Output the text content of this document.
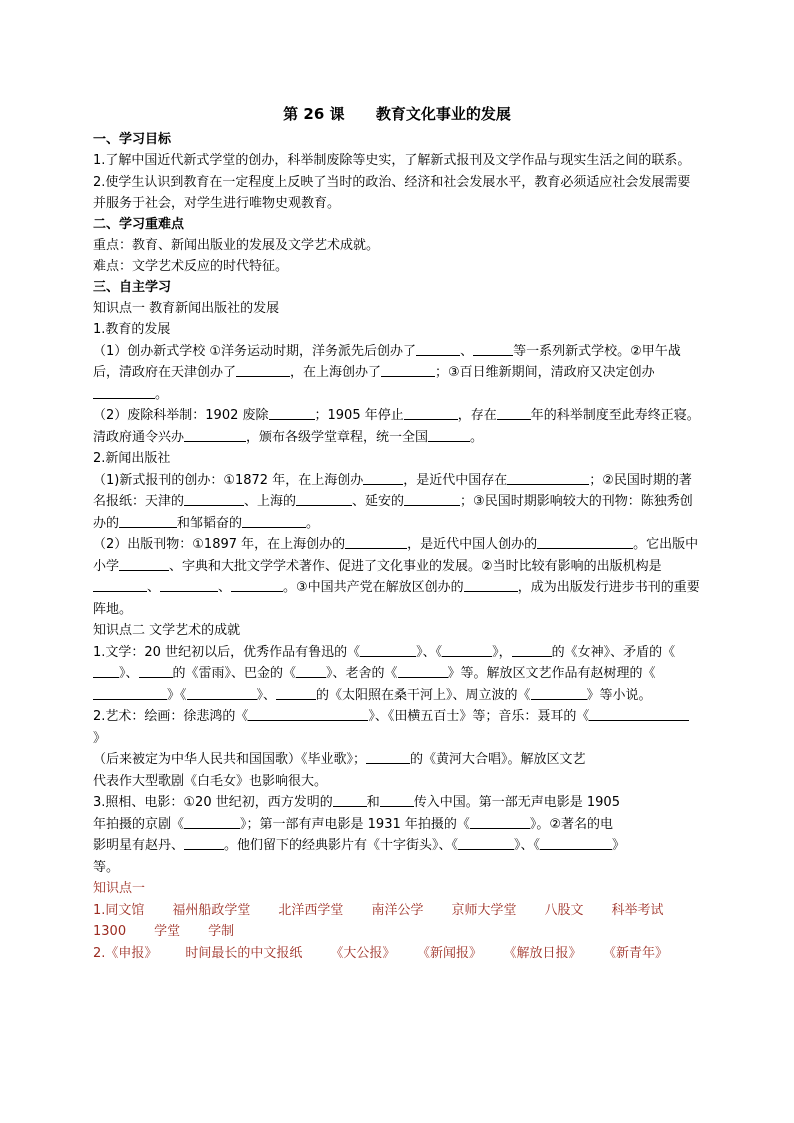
第 26 课      教育文化事业的发展
一、学习目标

1.了解中国近代新式学堂的创办，科举制废除等史实，了解新式报刊及文学作品与现实生活之间的联系。

2.使学生认识到教育在一定程度上反映了当时的政治、经济和社会发展水平，教育必须适应社会发展需要并服务于社会，对学生进行唯物史观教育。

二、学习重难点

重点：教育、新闻出版业的发展及文学艺术成就。

难点：文学艺术反应的时代特征。

三、自主学习

知识点一 教育新闻出版社的发展

1.教育的发展

（1）创办新式学校 ①洋务运动时期，洋务派先后创办了	、	等一系列新式学校。②甲午战后，清政府在天津创办了	，在上海创办了	；③百日维新期间，清政府又决定创办。

（2）废除科举制：1902 废除	；1905 年停止	，存在	年的科举制度至此寿终正寝。清政府通令兴办	，颁布各级学堂章程，统一全国	。

2.新闻出版社

（1)新式报刊的创办：①1872 年，在上海创办	，是近代中国存在	；②民国时期的著名报纸：天津的	、上海的	、延安的	；③民国时期影响较大的刊物：陈独秀创办的	和邹韬奋的	。

（2）出版刊物：①1897 年，在上海创办的	，是近代中国人创办的	。它出版中小学	、字典和大批文学学术著作、促进了文化事业的发展。②当时比较有影响的出版机构是、	、	。③中国共产党在解放区创办的	，成为出版发行进步书刊的重要阵地。

知识点二 文学艺术的成就

1.文学：20 世纪初以后，优秀作品有鲁迅的《	》、《	》，	的《女神》、矛盾的《》、	的《雷雨》、巴金的《 》、老舍的《	》等。解放区文艺作品有赵树理的《》《	》、	的《太阳照在桑干河上》、周立波的《	》等小说。

2.艺术：绘画：徐悲鸿的《	》、《田横五百士》等；音乐：聂耳的《》
（后来被定为中华人民共和国国歌）《毕业歌》；	的《黄河大合唱》。解放区文艺
代表作大型歌剧《白毛女》也影响很大。

3.照相、电影：①20 世纪初，西方发明的	和	传入中国。第一部无声电影是 1905
年拍摄的京剧《	》；第一部有声电影是 1931 年拍摄的《	》。②著名的电
影明星有赵丹、	。他们留下的经典影片有《十字街头》、《	》、《	》
等。

知识点一

1.同文馆 福州船政学堂 北洋西学堂 南洋公学 京师大学堂 八股文 科举考试

1300 学堂 学制

2.《申报》 时间最长的中文报纸 《大公报》 《新闻报》 《解放日报》 《新青年》
